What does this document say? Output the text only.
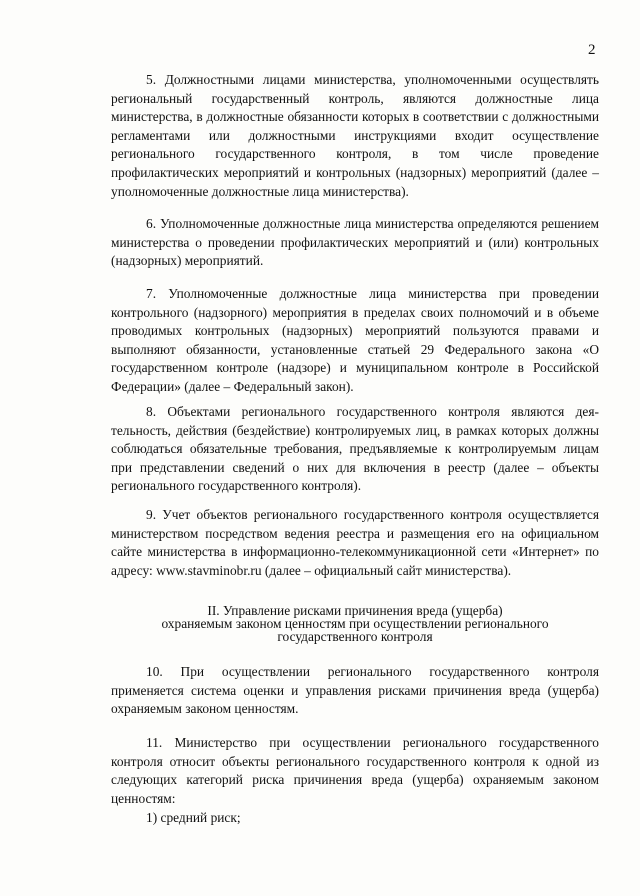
2

5. Должностными лицами министерства, уполномоченными осуществлять региональный государственный контроль, являются должностные лица министерства, в должностные обязанности которых в соответствии с должностными регламентами или должностными инструкциями входит осуществление регионального государственного контроля, в том числе проведение профилактических мероприятий и контрольных (надзорных) мероприятий (далее – уполномоченные должностные лица министерства).

6. Уполномоченные должностные лица министерства определяются решением министерства о проведении профилактических мероприятий и (или) контрольных (надзорных) мероприятий.

7. Уполномоченные должностные лица министерства при проведении контрольного (надзорного) мероприятия в пределах своих полномочий и в объеме проводимых контрольных (надзорных) мероприятий пользуются правами и выполняют обязанности, установленные статьей 29 Федерального закона «О государственном контроле (надзоре) и муниципальном контроле в Российской Федерации» (далее – Федеральный закон).

8. Объектами регионального государственного контроля являются деятельность, действия (бездействие) контролируемых лиц, в рамках которых должны соблюдаться обязательные требования, предъявляемые к контролируемым лицам при представлении сведений о них для включения в реестр (далее – объекты регионального государственного контроля).

9. Учет объектов регионального государственного контроля осуществляется министерством посредством ведения реестра и размещения его на официальном сайте министерства в информационно-телекоммуникационной сети «Интернет» по адресу: www.stavminobr.ru (далее – официальный сайт министерства).

II. Управление рисками причинения вреда (ущерба)
охраняемым законом ценностям при осуществлении регионального
государственного контроля

10. При осуществлении регионального государственного контроля применяется система оценки и управления рисками причинения вреда (ущерба) охраняемым законом ценностям.

11. Министерство при осуществлении регионального государственного контроля относит объекты регионального государственного контроля к одной из следующих категорий риска причинения вреда (ущерба) охраняемым законом ценностям:

1) средний риск;
